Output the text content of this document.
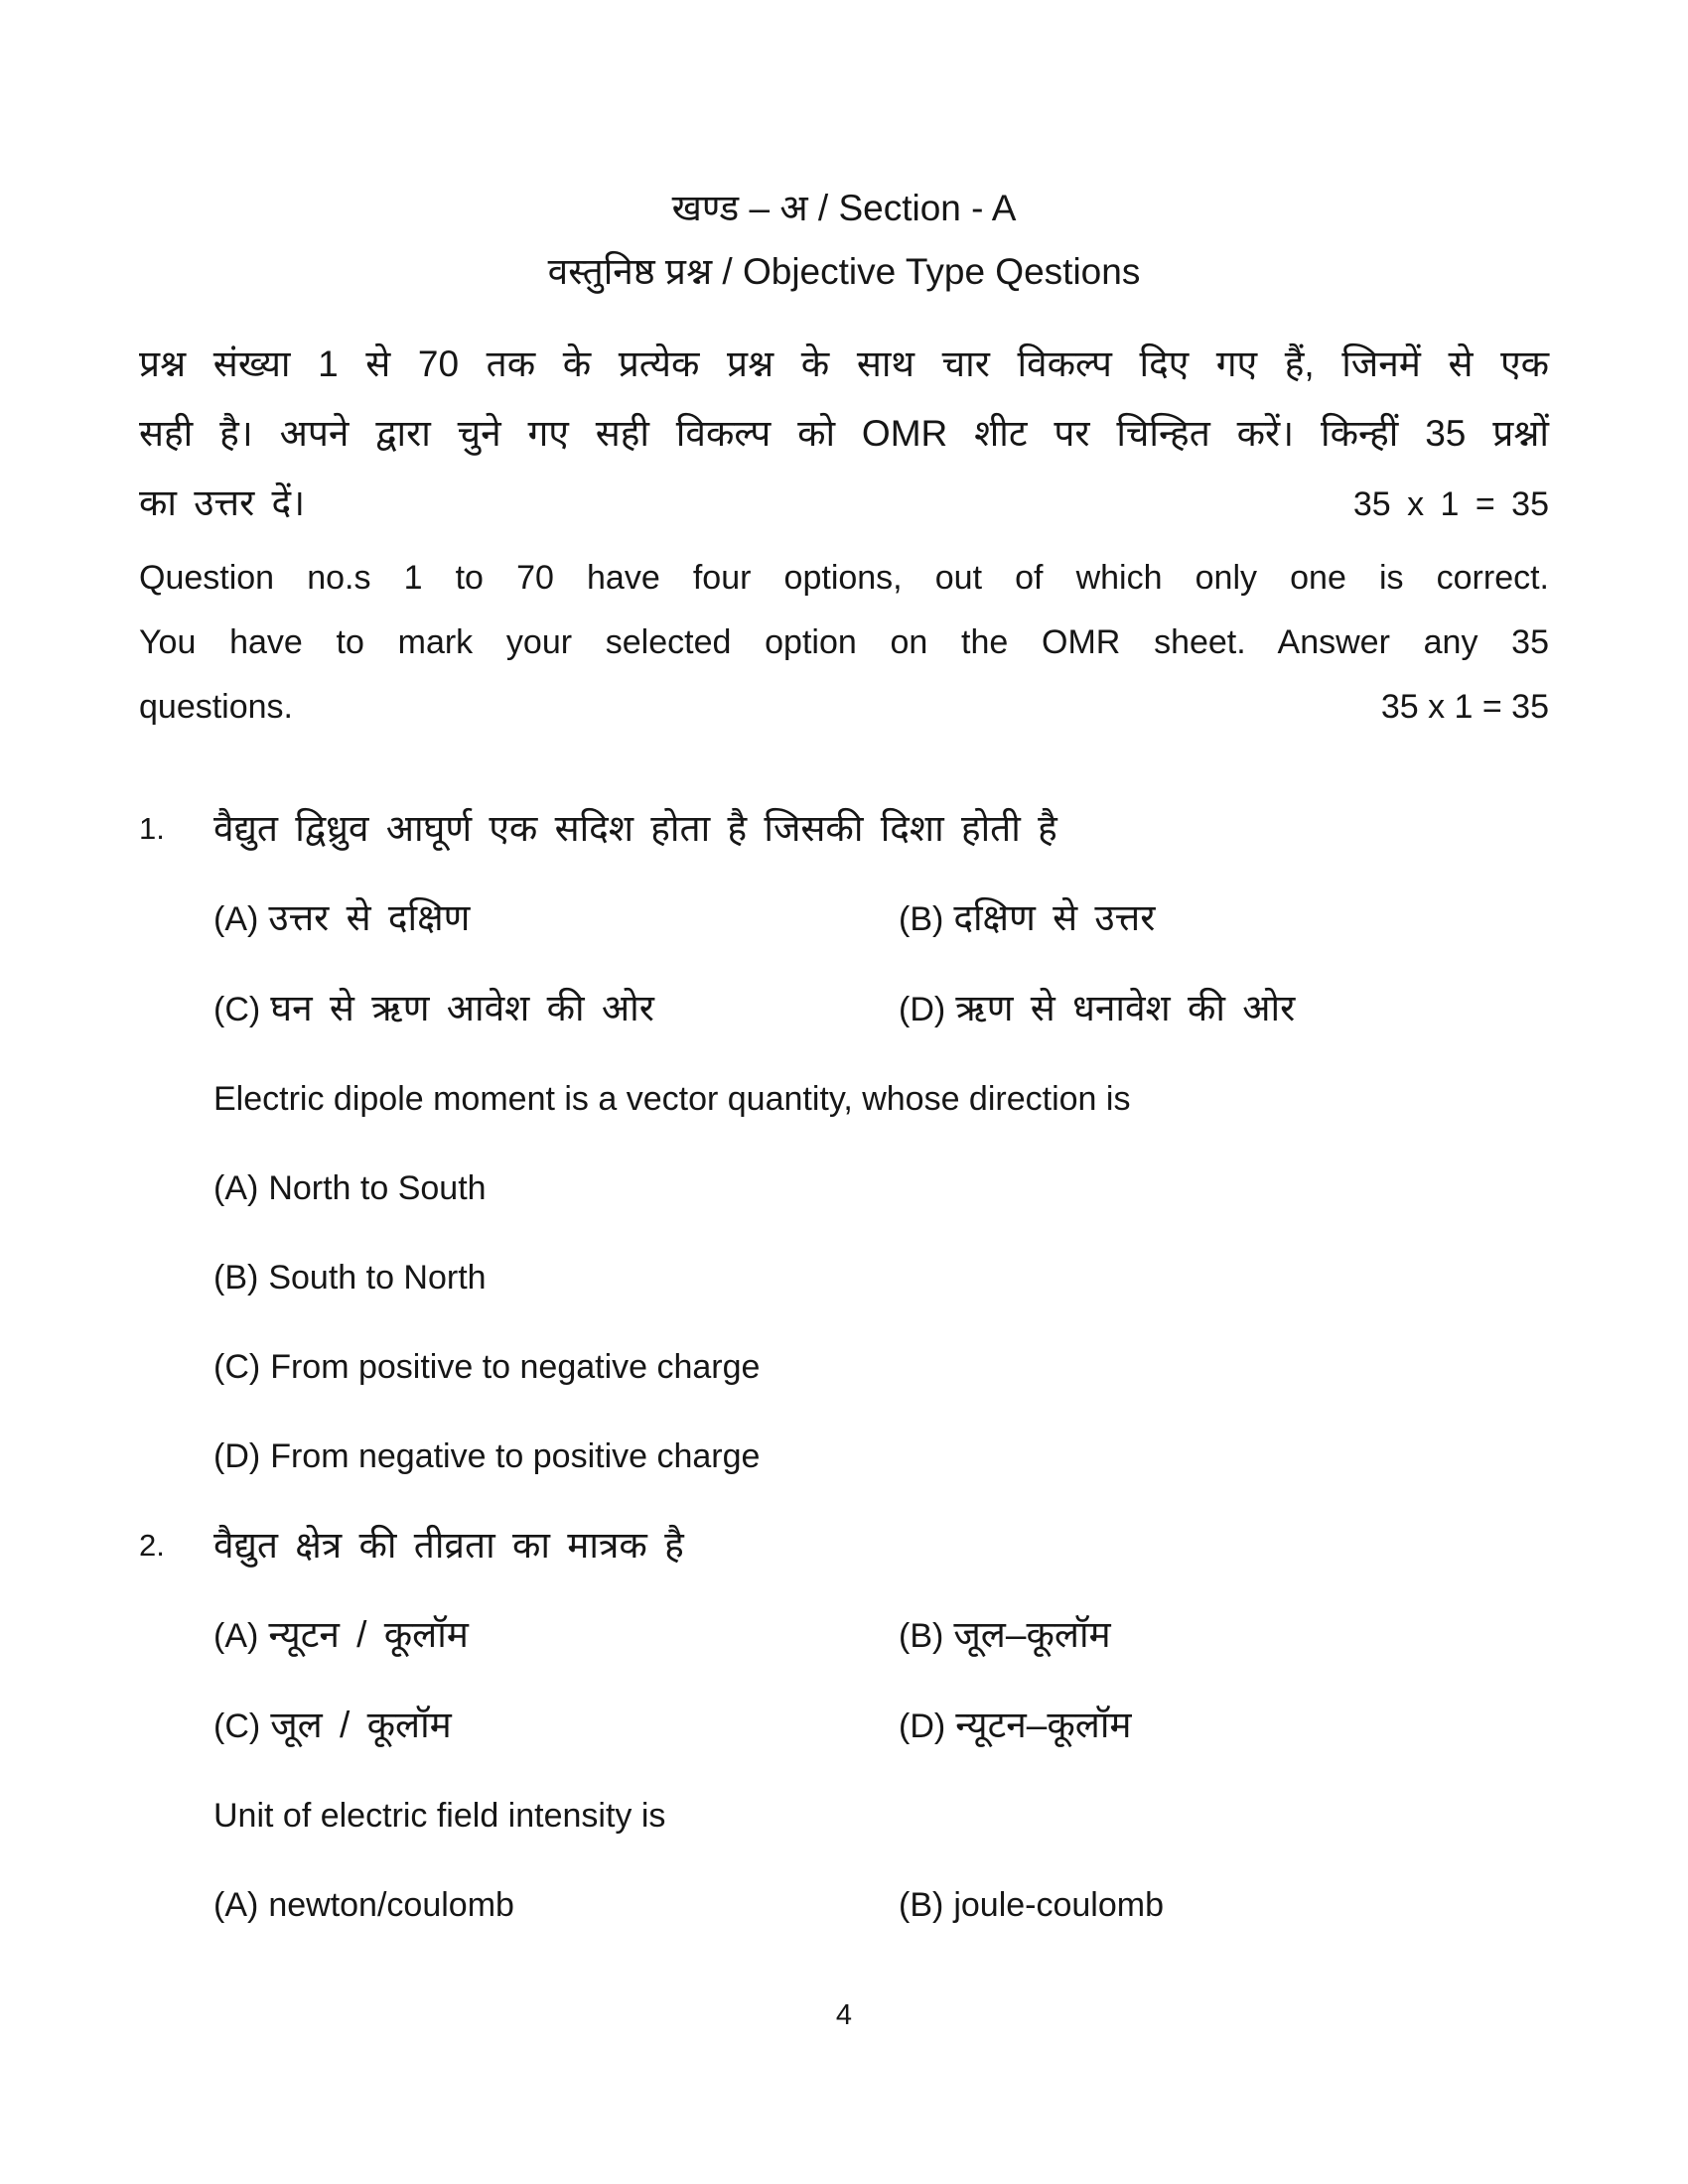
खण्ड – अ / Section - A
वस्तुनिष्ठ प्रश्न / Objective Type Qestions
प्रश्न संख्या 1 से 70 तक के प्रत्येक प्रश्न के साथ चार विकल्प दिए गए हैं, जिनमें से एक
सही है। अपने द्वारा चुने गए सही विकल्प को OMR शीट पर चिन्हित करें। किन्हीं 35 प्रश्नों
का उत्तर दें।	35 x 1 = 35
Question no.s 1 to 70 have four options, out of which only one is correct.
You have to mark your selected option on the OMR sheet. Answer any 35
questions.	35 x 1 = 35
1.	वैद्युत द्विध्रुव आघूर्ण एक सदिश होता है जिसकी दिशा होती है
(A) उत्तर से दक्षिण	(B) दक्षिण से उत्तर
(C) घन से ऋण आवेश की ओर	(D) ऋण से धनावेश की ओर
Electric dipole moment is a vector quantity, whose direction is
(A) North to South
(B) South to North
(C) From positive to negative charge
(D) From negative to positive charge
2.	वैद्युत क्षेत्र की तीव्रता का मात्रक है
(A) न्यूटन / कूलॉम	(B) जूल–कूलॉम
(C) जूल / कूलॉम	(D) न्यूटन–कूलॉम
Unit of electric field intensity is
(A) newton/coulomb	(B) joule-coulomb
4
